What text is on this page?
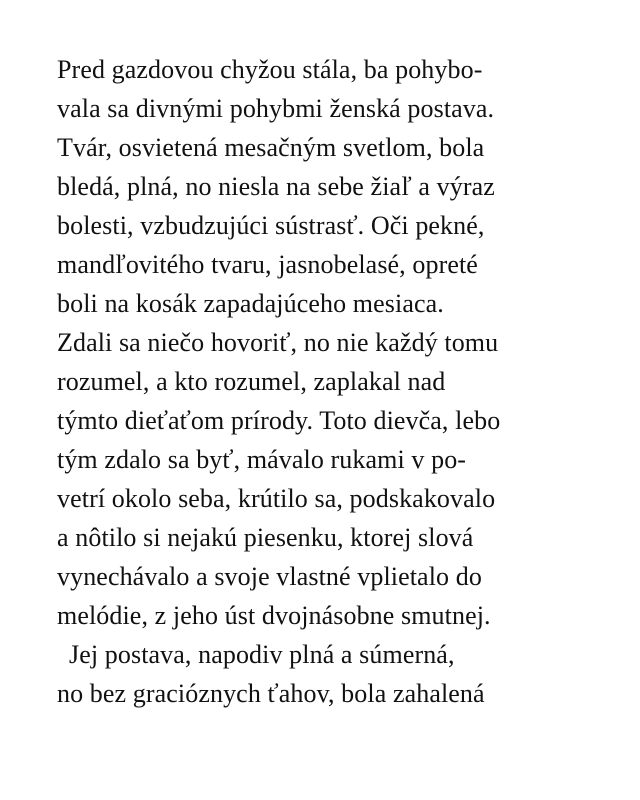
Pred gazdovou chyžou stála, ba pohybo-
vala sa divnými pohybmi ženská postava.
Tvár, osvietená mesačným svetlom, bola
bledá, plná, no niesla na sebe žiaľ a výraz
bolesti, vzbudzujúci sústrasť. Oči pekné,
mandľovitého tvaru, jasnobelasé, opreté
boli na kosák zapadajúceho mesiaca.
Zdali sa niečo hovoriť, no nie každý tomu
rozumel, a kto rozumel, zaplakal nad
týmto dieťaťom prírody. Toto dievča, lebo
tým zdalo sa byť, mávalo rukami v po-
vetrí okolo seba, krútilo sa, podskakovalo
a nôtilo si nejakú piesenku, ktorej slová
vynechávalo a svoje vlastné vplietalo do
melódie, z jeho úst dvojnásobne smutnej.
Jej postava, napodiv plná a súmerná,
no bez gracióznych ťahov, bola zahalená
